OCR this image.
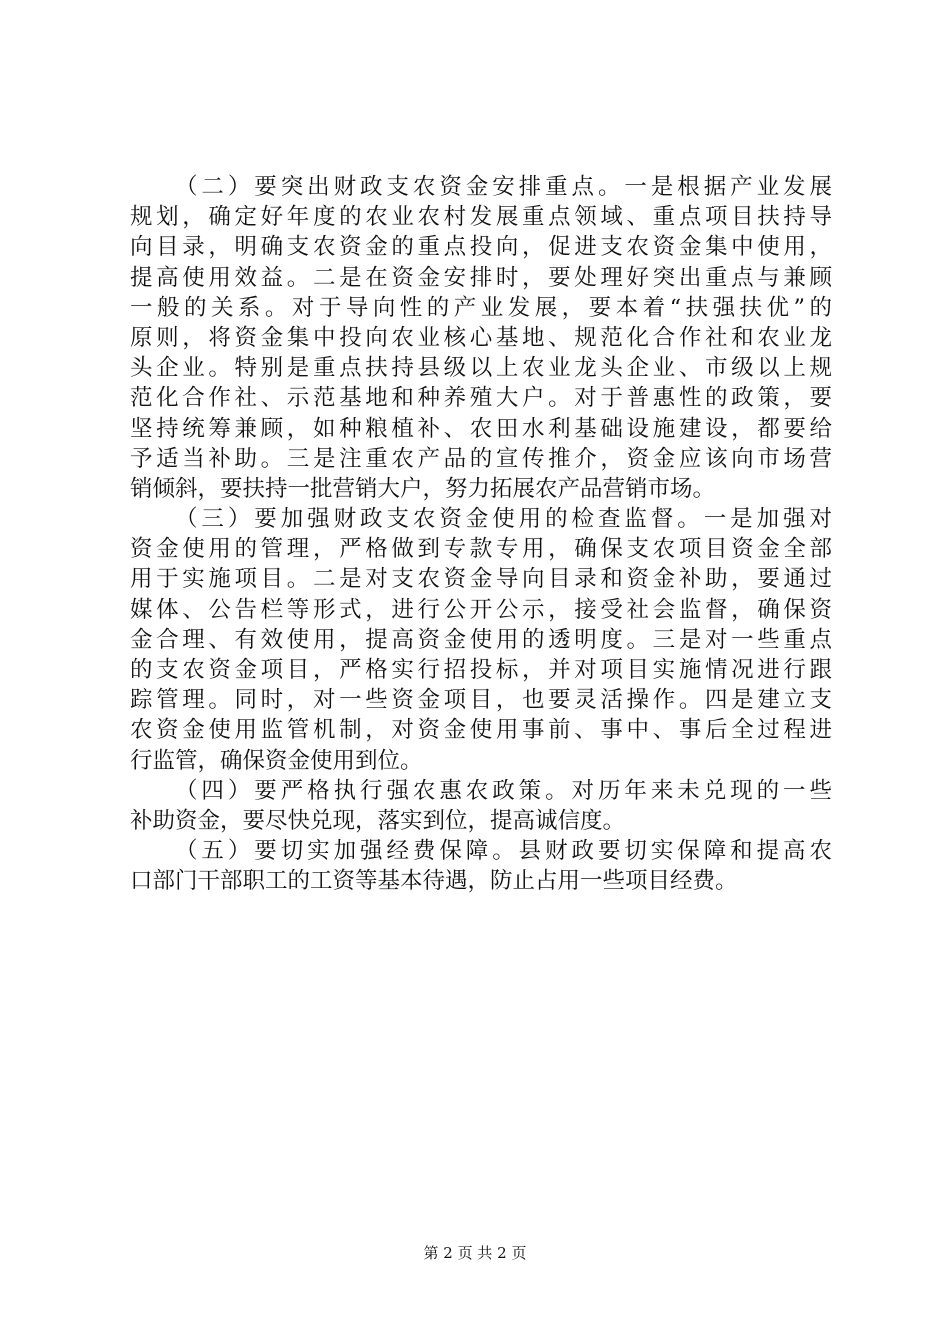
（二）要突出财政支农资金安排重点。一是根据产业发展
规划，确定好年度的农业农村发展重点领域、重点项目扶持导
向目录，明确支农资金的重点投向，促进支农资金集中使用，
提高使用效益。二是在资金安排时，要处理好突出重点与兼顾
一般的关系。对于导向性的产业发展，要本着“扶强扶优”的
原则，将资金集中投向农业核心基地、规范化合作社和农业龙
头企业。特别是重点扶持县级以上农业龙头企业、市级以上规
范化合作社、示范基地和种养殖大户。对于普惠性的政策，要
坚持统筹兼顾，如种粮植补、农田水利基础设施建设，都要给
予适当补助。三是注重农产品的宣传推介，资金应该向市场营
销倾斜，要扶持一批营销大户，努力拓展农产品营销市场。
（三）要加强财政支农资金使用的检查监督。一是加强对
资金使用的管理，严格做到专款专用，确保支农项目资金全部
用于实施项目。二是对支农资金导向目录和资金补助，要通过
媒体、公告栏等形式，进行公开公示，接受社会监督，确保资
金合理、有效使用，提高资金使用的透明度。三是对一些重点
的支农资金项目，严格实行招投标，并对项目实施情况进行跟
踪管理。同时，对一些资金项目，也要灵活操作。四是建立支
农资金使用监管机制，对资金使用事前、事中、事后全过程进
行监管，确保资金使用到位。
（四）要严格执行强农惠农政策。对历年来未兑现的一些
补助资金，要尽快兑现，落实到位，提高诚信度。
（五）要切实加强经费保障。县财政要切实保障和提高农
口部门干部职工的工资等基本待遇，防止占用一些项目经费。
第 2 页 共 2 页
